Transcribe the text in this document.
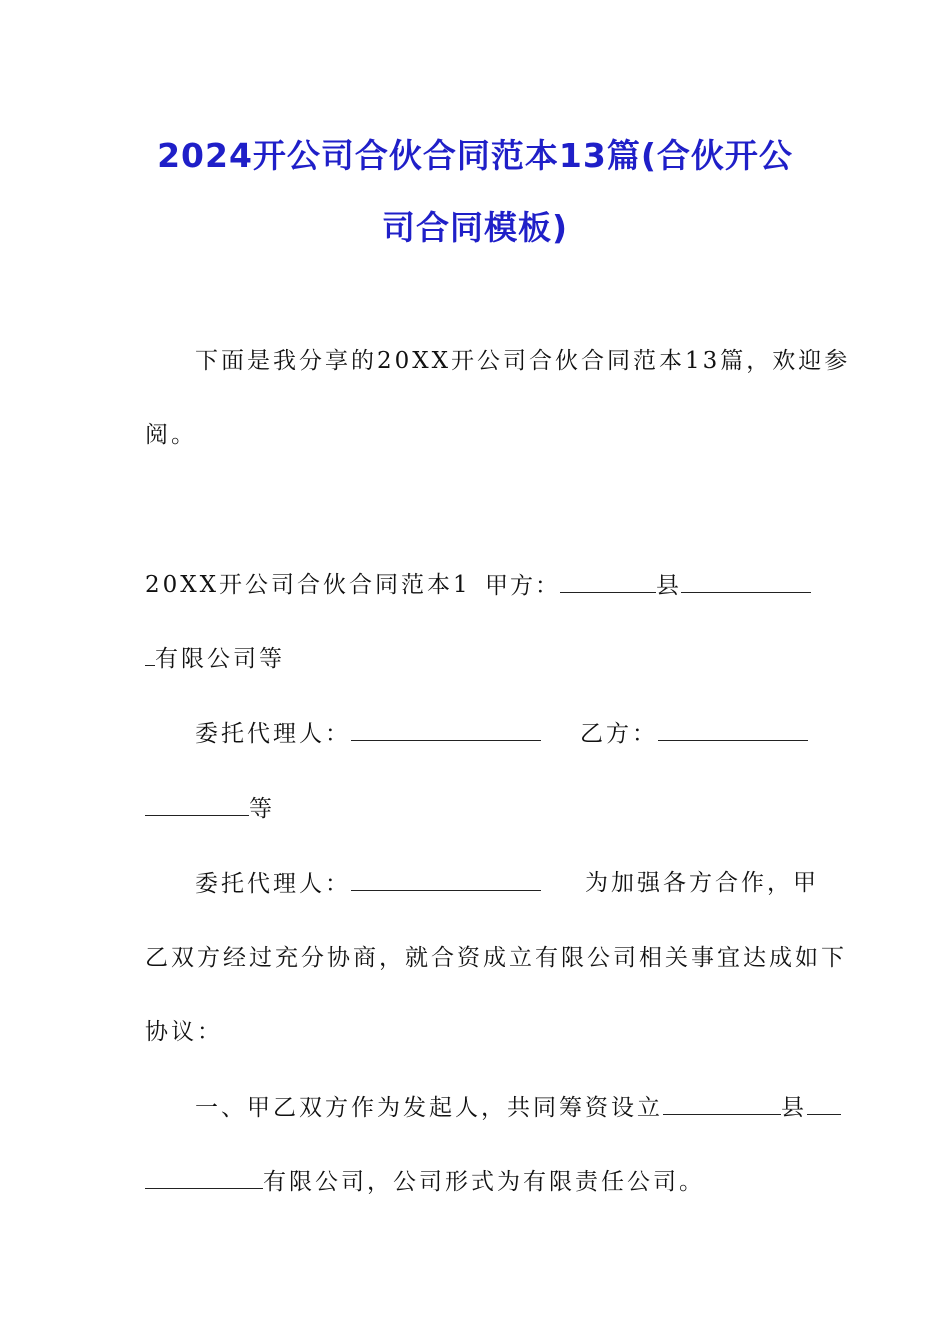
2024开公司合伙合同范本13篇(合伙开公
司合同模板)
下面是我分享的20XX开公司合伙合同范本13篇，欢迎参
阅。
20XX开公司合伙合同范本1 甲方：	县
有限公司等
委托代理人：	乙方：
等
委托代理人：	为加强各方合作，甲
乙双方经过充分协商，就合资成立有限公司相关事宜达成如下
协议：
一、甲乙双方作为发起人，共同筹资设立	县
有限公司，公司形式为有限责任公司。
